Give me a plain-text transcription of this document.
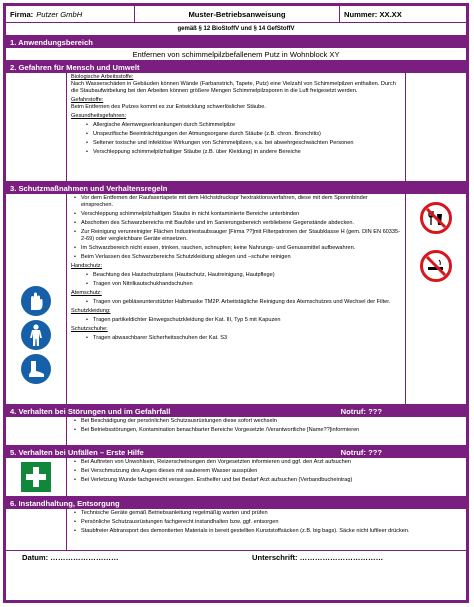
Firma: Putzer GmbH	Muster-Betriebsanweisung	Nummer: XX.XX
gemäß § 12 BioStoffV und § 14 GefStoffV
1. Anwendungsbereich
Entfernen von schimmelpilzbefallenem Putz in Wohnblock XY
2. Gefahren für Mensch und Umwelt
Biologische Arbeitsstoffe:
Nach Wasserschäden in Gebäuden können Wände (Farbanstrich, Tapete, Putz) eine Vielzahl von Schimmelpilzen enthalten. Durch die Staubaufwirbelung bei den Arbeiten können größere Mengen Schimmelpilzsporen in die Luft freigesetzt werden.
Gefahrstoffe:
Beim Entfernen des Putzes kommt es zur Entwicklung schwerlöslicher Stäube.
Gesundheitsgefahren:
• Allergische Atemwegserkrankungen durch Schimmelpilze
• Unspezifische Beeinträchtigungen der Atmungsorgane durch Stäube (z.B. chron. Bronchitis)
• Seltener toxische und infektiöse Wirkungen von Schimmelpilzen, v.a. bei abwehrgeschwächten Personen
• Verschleppung schimmelpilzhaltiger Stäube (z.B. über Kleidung) in andere Bereiche
3. Schutzmaßnahmen und Verhaltensregeln
• Vor dem Entfernen der Raufasertapete mit dem Höchstdruckspr¨hextraktionsverfahren, diese mit dem Sporenbinder einsprechen.
• Verschleppung schimmelpilzhaltigen Staubs in nicht kontaminierte Bereiche unterbinden
• Abschotten des Schwarzbereichs mit Baufolie und im Sanierungsbereich verbliebene Gegenstände abdecken.
• Zur Reinigung verunreinigter Flächen Industriestaubsauger [Firma ??]mit Filterpatronen der Staubklasse H (gem. DIN EN 60335-2-69) oder vergleichbare Geräte einsetzen.
• Im Schwarzbereich nicht essen, trinken, rauchen, schnupfen; keine Nahrungs- und Genussmittel aufbewahren.
• Beim Verlassen des Schwarzbereichs Schutzkleidung ablegen und –schuhe reinigen
Handschutz:
• Beachtung des Hautschutzplans (Hautschutz, Hautreinigung, Hautpflege)
• Tragen von Nitrilkautschukhandschuhen
Atemschutz:
• Tragen von gebläseunterstützter Halbmaske TM2P. Arbeitstägliche Reinigung des Atemschutzes und Wechsel der Filter.
Schutzkleidung:
• Tragen partikeldichter Einwegschutzkleidung der Kat. III, Typ 5 mit Kapuzen
Schutzschuhe:
• Tragen abwaschbarer Sicherheitsschuhen der Kat. S3
4. Verhalten bei Störungen und im Gefahrfall	Notruf: ???
• Bei Beschädigung der persönlichen Schutzausrüstungen diese sofort wechseln
• Bei Betriebsstörungen, Kontamination benachbarter Bereiche Vorgesetzte /Verantwortliche [Name??]informieren
5. Verhalten bei Unfällen – Erste Hilfe	Notruf: ???
• Bei Auftreten von Unwohlsein, Reizerscheinungen den Vorgesetzten informieren und ggf. den Arzt aufsuchen
• Bei Verschmutzung des Auges dieses mit sauberem Wasser ausspülen
• Bei Verletzung Wunde fachgerecht versorgen. Ersthelfer und bei Bedarf Arzt aufsuchen (Verbandbucheintrag)
6. Instandhaltung, Entsorgung
• Technische Geräte gemäß Betriebsanleitung regelmäßig warten und prüfen
• Persönliche Schutzausrüstungen fachgerecht instandhalten bzw. ggf. entsorgen
• Staubfreier Abtransport des demontierten Materials in bereit gestellten Kunststoffsäcken (z.B. big bags). Säcke nicht luftleer drücken.
Datum: ………………………	Unterschrift: ……………………………
